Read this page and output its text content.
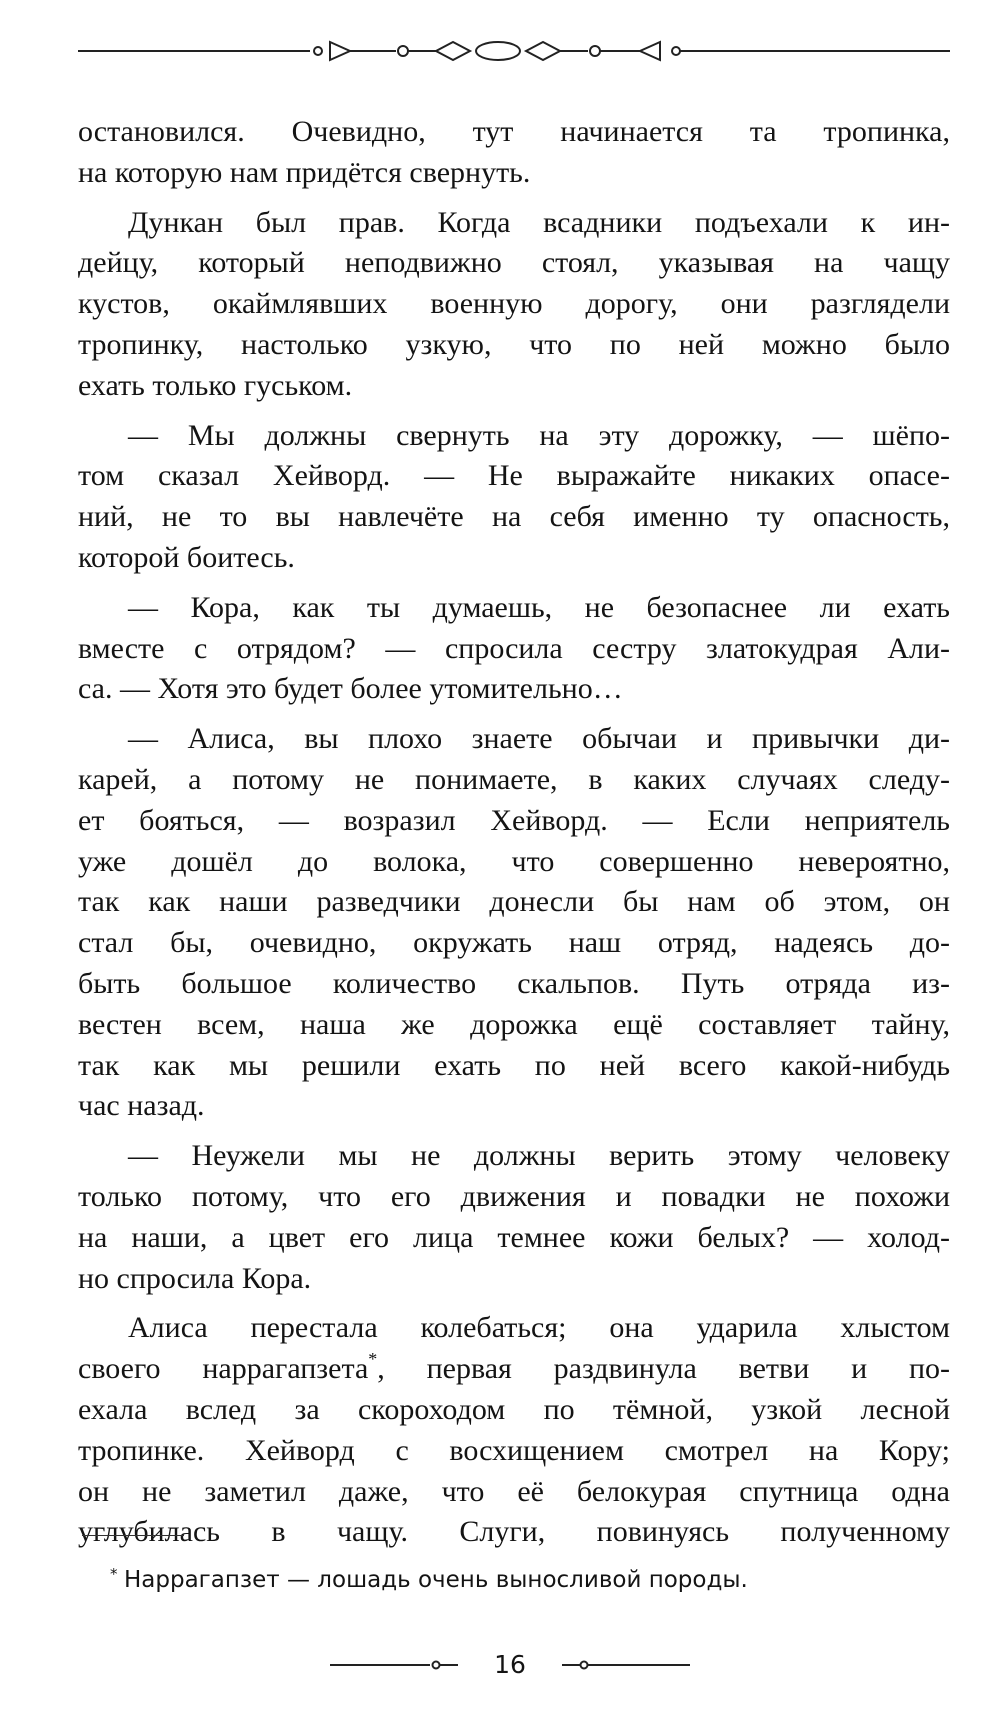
остановился. Очевидно, тут начинается та тропинка,
на которую нам придётся свернуть.
Дункан был прав. Когда всадники подъехали к ин-
дейцу, который неподвижно стоял, указывая на чащу
кустов, окаймлявших военную дорогу, они разглядели
тропинку, настолько узкую, что по ней можно было
ехать только гуськом.
— Мы должны свернуть на эту дорожку, — шёпо-
том сказал Хейворд. — Не выражайте никаких опасе-
ний, не то вы навлечёте на себя именно ту опасность,
которой боитесь.
— Кора, как ты думаешь, не безопаснее ли ехать
вместе с отрядом? — спросила сестру златокудрая Али-
са. — Хотя это будет более утомительно…
— Алиса, вы плохо знаете обычаи и привычки ди-
карей, а потому не понимаете, в каких случаях следу-
ет бояться, — возразил Хейворд. — Если неприятель
уже дошёл до волока, что совершенно невероятно,
так как наши разведчики донесли бы нам об этом, он
стал бы, очевидно, окружать наш отряд, надеясь до-
быть большое количество скальпов. Путь отряда из-
вестен всем, наша же дорожка ещё составляет тайну,
так как мы решили ехать по ней всего какой-нибудь
час назад.
— Неужели мы не должны верить этому человеку
только потому, что его движения и повадки не похожи
на наши, а цвет его лица темнее кожи белых? — холод-
но спросила Кора.
Алиса перестала колебаться; она ударила хлыстом
своего наррагапзета*, первая раздвинула ветви и по-
ехала вслед за скороходом по тёмной, узкой лесной
тропинке. Хейворд с восхищением смотрел на Кору;
он не заметил даже, что её белокурая спутница одна
углубилась в чащу. Слуги, повинуясь полученному
* Наррагапзет — лошадь очень выносливой породы.
16
